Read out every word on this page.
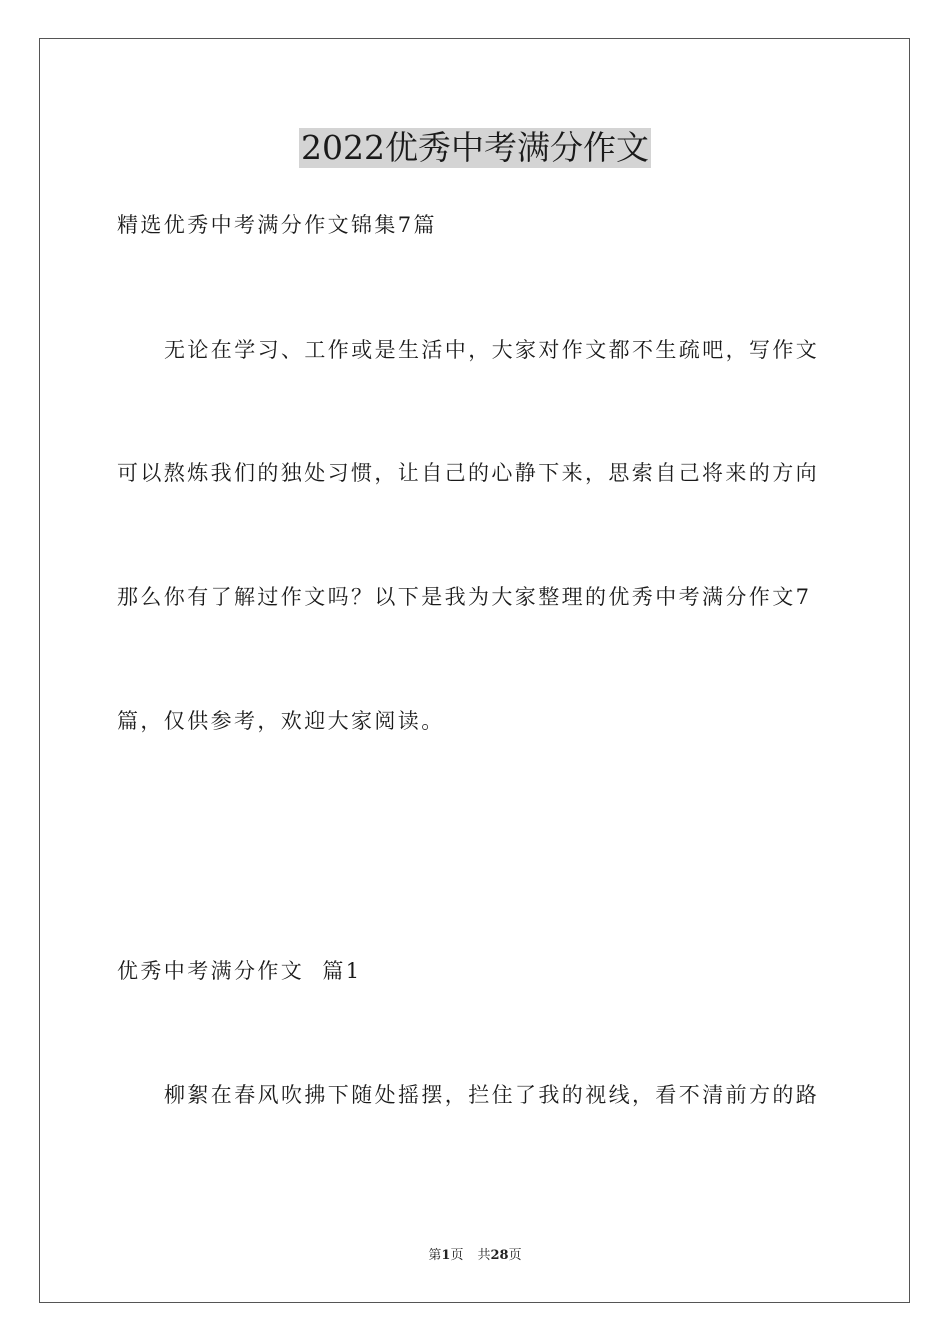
2022优秀中考满分作文
精选优秀中考满分作文锦集7篇
无论在学习、工作或是生活中，大家对作文都不生疏吧，写作文
可以熬炼我们的独处习惯，让自己的心静下来，思索自己将来的方向
那么你有了解过作文吗？以下是我为大家整理的优秀中考满分作文7
篇，仅供参考，欢迎大家阅读。
优秀中考满分作文  篇1
柳絮在春风吹拂下随处摇摆，拦住了我的视线，看不清前方的路
第1页 共28页
